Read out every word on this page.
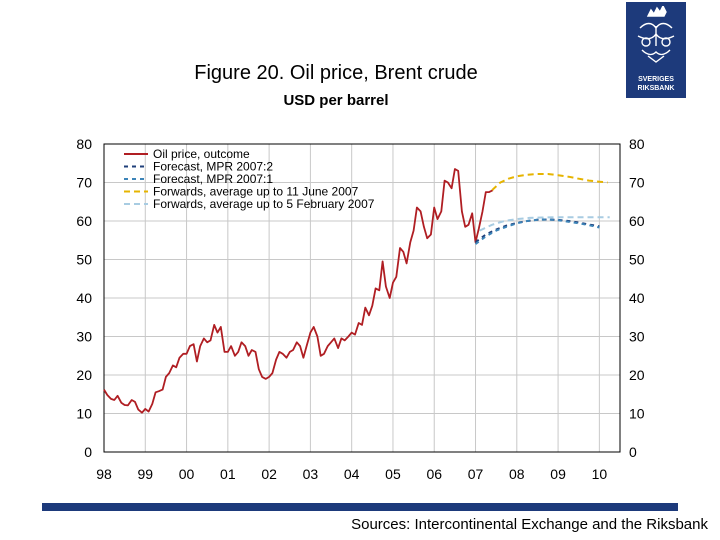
Figure 20. Oil price, Brent crude
USD per barrel
SVERIGES
RIKSBANK
0	0
10	10
20	20
30	30
40	40
50	50
60	60
70	70
80	80
98 99 00 01 02 03 04 05 06 07 08 09 10
Oil price, outcome
Forecast, MPR 2007:2
Forecast, MPR 2007:1
Forwards, average up to 11 June 2007
Forwards, average up to 5 February 2007
Sources: Intercontinental Exchange and the Riksbank
